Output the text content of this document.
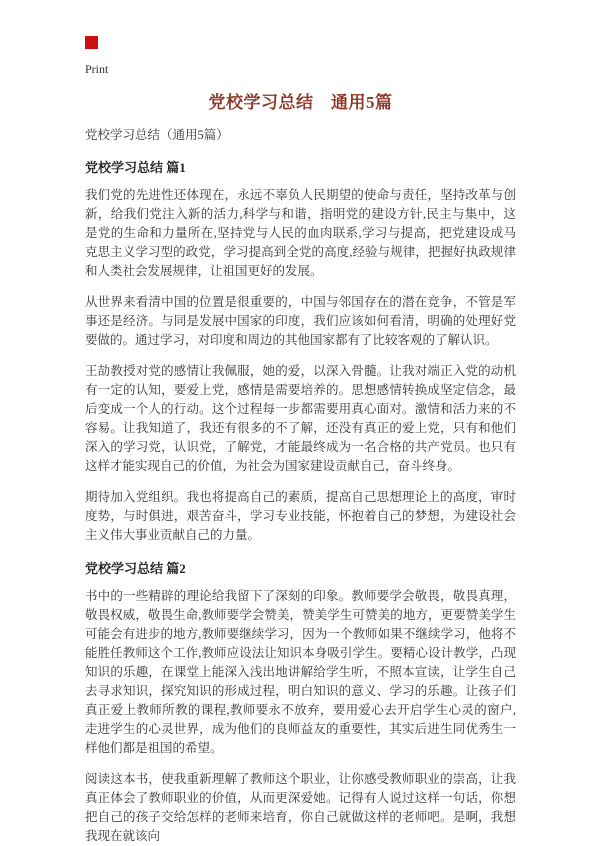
Print
党校学习总结　通用5篇
党校学习总结（通用5篇）
党校学习总结 篇1

我们党的先进性还体现在，永远不辜负人民期望的使命与责任，坚持改革与创新，给我们党注入新的活力,科学与和谐，指明党的建设方针,民主与集中，这是党的生命和力量所在,坚持党与人民的血肉联系,学习与提高，把党建设成马克思主义学习型的政党，学习提高到全党的高度,经验与规律，把握好执政规律和人类社会发展规律，让祖国更好的发展。

从世界来看清中国的位置是很重要的，中国与邻国存在的潜在竞争，不管是军事还是经济。与同是发展中国家的印度，我们应该如何看清，明确的处理好党要做的。通过学习，对印度和周边的其他国家都有了比较客观的了解认识。

王劼教授对党的感情让我佩服，她的爱，以深入骨髓。让我对端正入党的动机有一定的认知，要爱上党，感情是需要培养的。思想感情转换成坚定信念，最后变成一个人的行动。这个过程每一步都需要用真心面对。激情和活力来的不容易。让我知道了，我还有很多的不了解，还没有真正的爱上党，只有和他们深入的学习党，认识党，了解党，才能最终成为一名合格的共产党员。也只有这样才能实现自己的价值，为社会为国家建设贡献自己，奋斗终身。

期待加入党组织。我也将提高自己的素质，提高自己思想理论上的高度，审时度势，与时俱进，艰苦奋斗，学习专业技能，怀抱着自己的梦想，为建设社会主义伟大事业贡献自己的力量。

党校学习总结 篇2

书中的一些精辟的理论给我留下了深刻的印象。教师要学会敬畏，敬畏真理，敬畏权威，敬畏生命,教师要学会赞美，赞美学生可赞美的地方，更要赞美学生可能会有进步的地方,教师要继续学习，因为一个教师如果不继续学习，他将不能胜任教师这个工作,教师应设法让知识本身吸引学生。要精心设计教学，凸现知识的乐趣，在课堂上能深入浅出地讲解给学生听，不照本宣读，让学生自己去寻求知识，探究知识的形成过程，明白知识的意义、学习的乐趣。让孩子们真正爱上教师所教的课程,教师要永不放弃，要用爱心去开启学生心灵的窗户,走进学生的心灵世界，成为他们的良师益友的重要性，其实后进生同优秀生一样他们都是祖国的希望。

阅读这本书，使我重新理解了教师这个职业，让你感受教师职业的崇高，让我真正体会了教师职业的价值，从而更深爱她。记得有人说过这样一句话，你想把自己的孩子交给怎样的老师来培育，你自己就做这样的老师吧。是啊，我想我现在就该向
